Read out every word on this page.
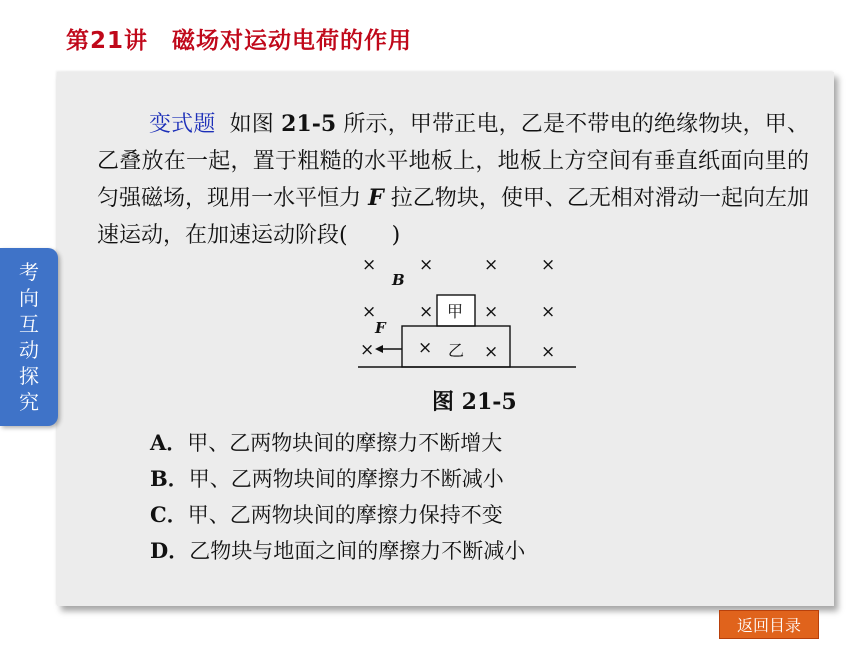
第21讲　磁场对运动电荷的作用
考
向
互
动
探
究
变式题 如图 21-5 所示，甲带正电，乙是不带电的绝缘物块，甲、乙叠放在一起，置于粗糙的水平地板上，地板上方空间有垂直纸面向里的匀强磁场，现用一水平恒力 F 拉乙物块，使甲、乙无相对滑动一起向左加速运动，在加速运动阶段(　　)
×	×	×	×
×	×	×	×
×	×	×	×
B
F
甲
乙
图 21-5
A．甲、乙两物块间的摩擦力不断增大
B．甲、乙两物块间的摩擦力不断减小
C．甲、乙两物块间的摩擦力保持不变
D．乙物块与地面之间的摩擦力不断减小
返回目录
